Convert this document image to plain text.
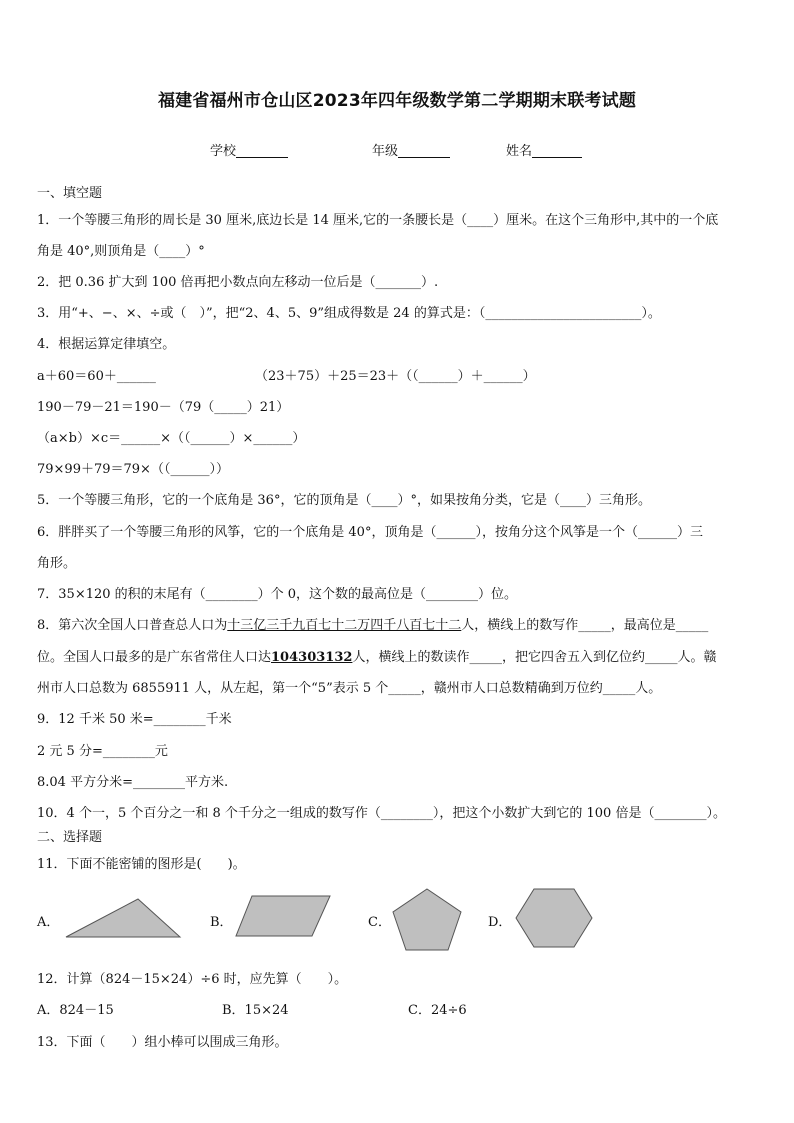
福建省福州市仓山区2023年四年级数学第二学期期末联考试题
学校	年级	姓名
一、填空题
1．一个等腰三角形的周长是 30 厘米,底边长是 14 厘米,它的一条腰长是（____）厘米。在这个三角形中,其中的一个底
角是 40°,则顶角是（____）°
2．把 0.36 扩大到 100 倍再把小数点向左移动一位后是（_______）.
3．用“+、−、×、÷或（　）”，把“2、4、5、9”组成得数是 24 的算式是：（________________________）。
4．根据运算定律填空。
a＋60＝60＋______	（23＋75）＋25＝23＋（（______）＋______）
190－79－21＝190－（79（_____）21）
（a×b）×c＝______×（（______）×______）
79×99＋79＝79×（（______））
5．一个等腰三角形，它的一个底角是 36°，它的顶角是（____）°，如果按角分类，它是（____）三角形。
6．胖胖买了一个等腰三角形的风筝，它的一个底角是 40°，顶角是（______），按角分这个风筝是一个（______）三
角形。
7．35×120 的积的末尾有（________）个 0，这个数的最高位是（________）位。
8．第六次全国人口普查总人口为十三亿三千九百七十二万四千八百七十二人，横线上的数写作_____，最高位是_____
位。全国人口最多的是广东省常住人口达104303132人，横线上的数读作_____，把它四舍五入到亿位约_____人。赣
州市人口总数为 6855911 人，从左起，第一个“5”表示 5 个_____，赣州市人口总数精确到万位约_____人。
9．12 千米 50 米=________千米
2 元 5 分=________元
8.04 平方分米=________平方米.
10．4 个一，5 个百分之一和 8 个千分之一组成的数写作（________），把这个小数扩大到它的 100 倍是（________）。
二、选择题
11．下面不能密铺的图形是(　　)。
A．	B．	C．	D．
12．计算（824－15×24）÷6 时，应先算（　　）。
A．824－15	B．15×24	C．24÷6
13．下面（　　）组小棒可以围成三角形。
